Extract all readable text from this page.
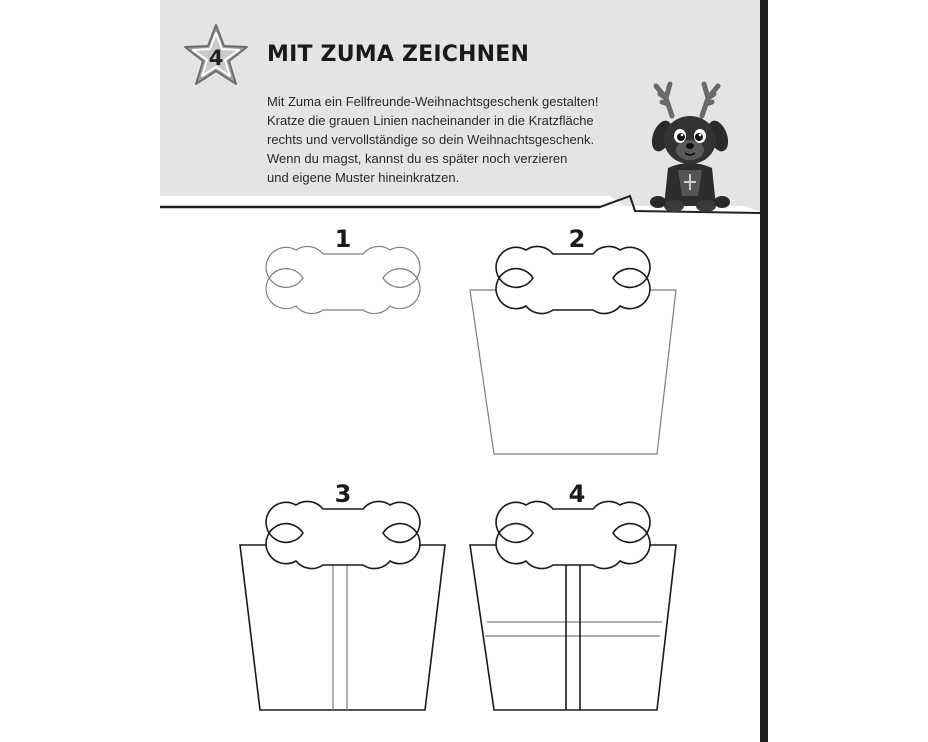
4	MIT ZUMA ZEICHNEN
Mit Zuma ein Fellfreunde-Weihnachtsgeschenk gestalten!
Kratze die grauen Linien nacheinander in die Kratzfläche
rechts und vervollständige so dein Weihnachtsgeschenk.
Wenn du magst, kannst du es später noch verzieren
und eigene Muster hineinkratzen.
1	2
3	4
